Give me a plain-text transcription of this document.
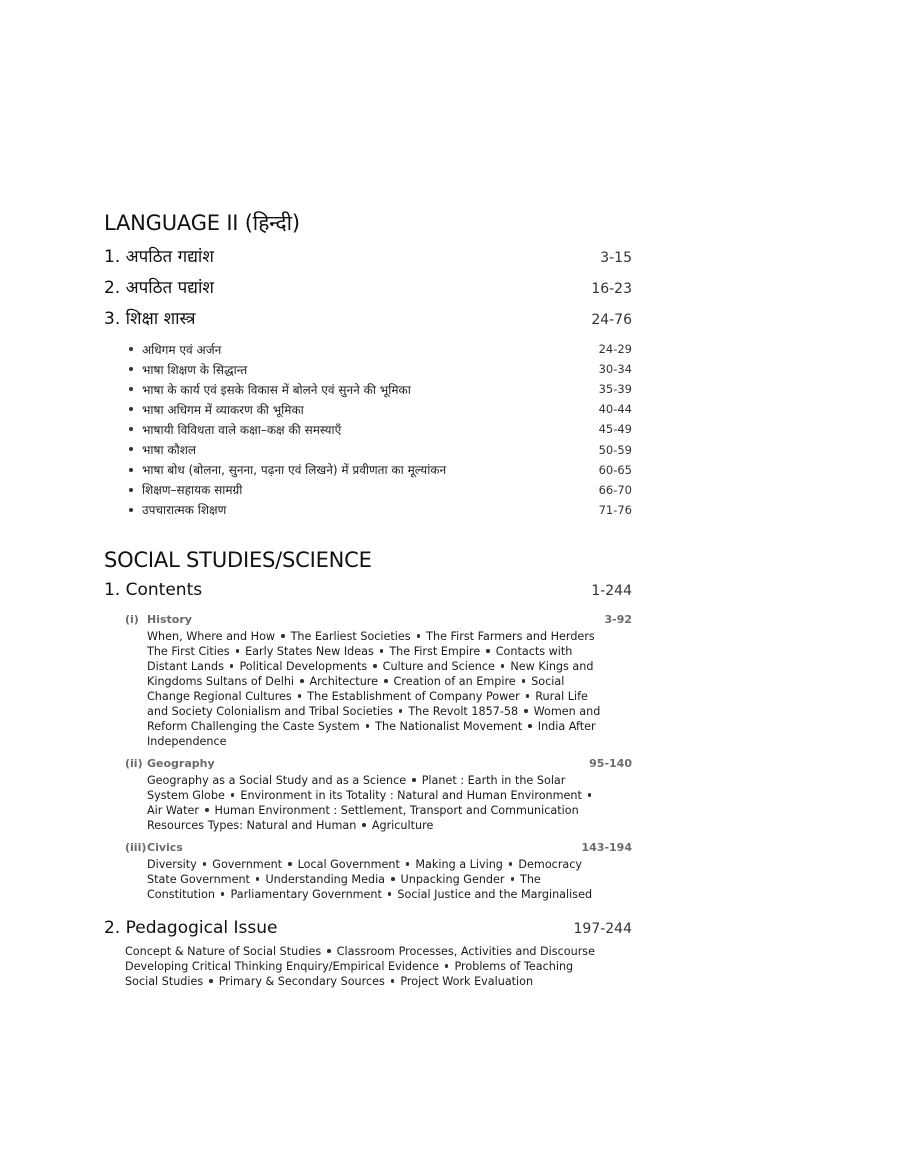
LANGUAGE II (हिन्दी)
1. अपठित गद्यांश	3-15
2. अपठित पद्यांश	16-23
3. शिक्षा शास्त्र	24-76
अधिगम एवं अर्जन	24-29
भाषा शिक्षण के सिद्धान्त	30-34
भाषा के कार्य एवं इसके विकास में बोलने एवं सुनने की भूमिका	35-39
भाषा अधिगम में व्याकरण की भूमिका	40-44
भाषायी विविधता वाले कक्षा–कक्ष की समस्याएँ	45-49
भाषा कौशल	50-59
भाषा बोध (बोलना, सुनना, पढ़ना एवं लिखने) में प्रवीणता का मूल्यांकन	60-65
शिक्षण–सहायक सामग्री	66-70
उपचारात्मक शिक्षण	71-76
SOCIAL STUDIES/SCIENCE
1. Contents	1-244
(i) History	3-92
When, Where and How The Earliest Societies The First Farmers and Herders The First Cities Early States New Ideas The First Empire Contacts with Distant Lands Political Developments Culture and Science New Kings and Kingdoms Sultans of Delhi Architecture Creation of an Empire Social Change Regional Cultures The Establishment of Company Power Rural Life and Society Colonialism and Tribal Societies The Revolt 1857-58 Women and Reform Challenging the Caste System The Nationalist Movement India After Independence
(ii) Geography	95-140
Geography as a Social Study and as a Science Planet : Earth in the Solar System Globe Environment in its Totality : Natural and Human EnvironmentAir Water Human Environment : Settlement, Transport and Communication Resources Types: Natural and Human Agriculture
(iii)Civics	143-194
Diversity Government Local Government Making a Living Democracy State Government Understanding Media Unpacking Gender The Constitution Parliamentary Government Social Justice and the Marginalised
2. Pedagogical Issue	197-244
Concept & Nature of Social Studies Classroom Processes, Activities and Discourse Developing Critical Thinking Enquiry/Empirical Evidence Problems of Teaching Social Studies Primary & Secondary Sources Project Work Evaluation
